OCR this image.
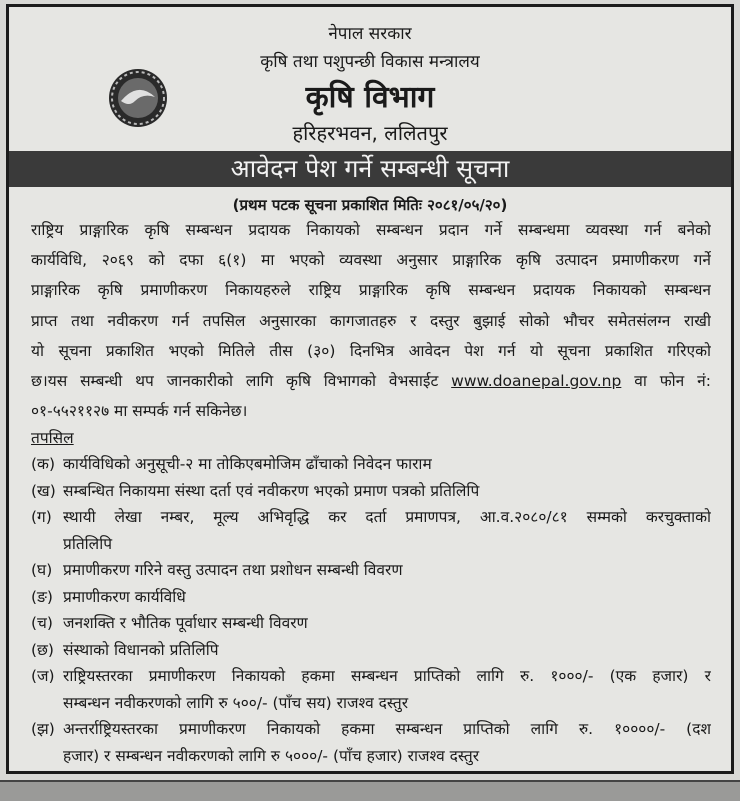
नेपाल सरकार
कृषि तथा पशुपन्छी विकास मन्त्रालय
कृषि विभाग
हरिहरभवन, ललितपुर
आवेदन पेश गर्ने सम्बन्धी सूचना
(प्रथम पटक सूचना प्रकाशित मितिः २०८१/०५/२०)
राष्ट्रिय प्राङ्गारिक कृषि सम्बन्धन प्रदायक निकायको सम्बन्धन प्रदान गर्ने सम्बन्धमा व्यवस्था गर्न बनेको
कार्यविधि, २०६९ को दफा ६(१) मा भएको व्यवस्था अनुसार प्राङ्गारिक कृषि उत्पादन प्रमाणीकरण गर्ने
प्राङ्गारिक कृषि प्रमाणीकरण निकायहरुले राष्ट्रिय प्राङ्गारिक कृषि सम्बन्धन प्रदायक निकायको सम्बन्धन
प्राप्त तथा नवीकरण गर्न तपसिल अनुसारका कागजातहरु र दस्तुर बुझाई सोको भौचर समेतसंलग्न राखी
यो सूचना प्रकाशित भएको मितिले तीस (३०) दिनभित्र आवेदन पेश गर्न यो सूचना प्रकाशित गरिएको
छ।यस सम्बन्धी थप जानकारीको लागि कृषि विभागको वेभसाईट www.doanepal.gov.np वा फोन नं:
०१-५५२११२७ मा सम्पर्क गर्न सकिनेछ।
तपसिल
(क) कार्यविधिको अनुसूची-२ मा तोकिएबमोजिम ढाँचाको निवेदन फाराम
(ख) सम्बन्धित निकायमा संस्था दर्ता एवं नवीकरण भएको प्रमाण पत्रको प्रतिलिपि
(ग) स्थायी लेखा नम्बर, मूल्य अभिवृद्धि कर दर्ता प्रमाणपत्र, आ.व.२०८०/८१ सम्मको करचुक्ताको
प्रतिलिपि
(घ) प्रमाणीकरण गरिने वस्तु उत्पादन तथा प्रशोधन सम्बन्धी विवरण
(ङ) प्रमाणीकरण कार्यविधि
(च) जनशक्ति र भौतिक पूर्वाधार सम्बन्धी विवरण
(छ) संस्थाको विधानको प्रतिलिपि
(ज) राष्ट्रियस्तरका प्रमाणीकरण निकायको हकमा सम्बन्धन प्राप्तिको लागि रु. १०००/- (एक हजार) र
सम्बन्धन नवीकरणको लागि रु ५००/- (पाँच सय) राजश्व दस्तुर
(झ) अन्तर्राष्ट्रियस्तरका प्रमाणीकरण निकायको हकमा सम्बन्धन प्राप्तिको लागि रु. १००००/- (दश
हजार) र सम्बन्धन नवीकरणको लागि रु ५०००/- (पाँच हजार) राजश्व दस्तुर
